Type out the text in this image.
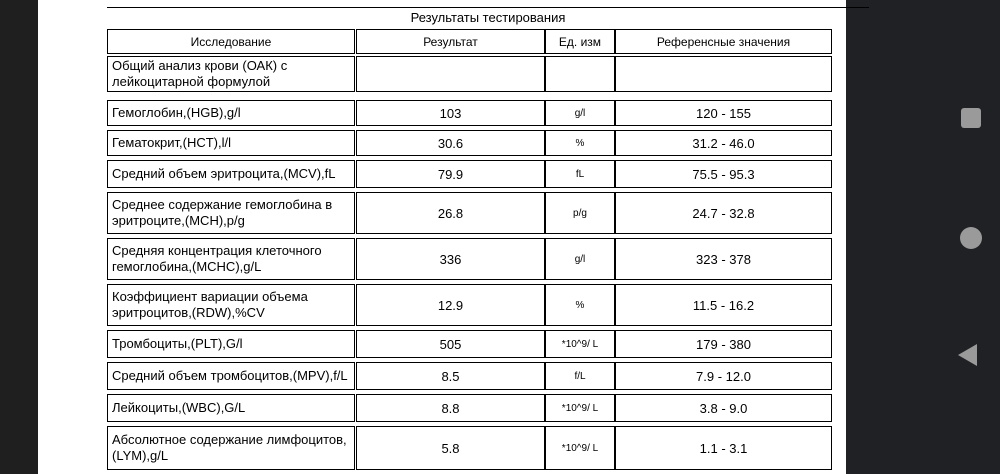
Результаты тестирования
Исследование	Результат	Ед. изм	Референсные значения
Общий анализ крови (ОАК) с лейкоцитарной формулой
Гемоглобин,(HGB),g/l	103	g/l	120 - 155
Гематокрит,(HCT),l/l	30.6	%	31.2 - 46.0
Средний объем эритроцита,(MCV),fL	79.9	fL	75.5 - 95.3
Среднее содержание гемоглобина в эритроците,(MCH),p/g	26.8	p/g	24.7 - 32.8
Средняя концентрация клеточного гемоглобина,(MCHC),g/L	336	g/l	323 - 378
Коэффициент вариации объема эритроцитов,(RDW),%CV	12.9	%	11.5 - 16.2
Тромбоциты,(PLT),G/l	505	*10^9/ L	179 - 380
Средний объем тромбоцитов,(MPV),f/L	8.5	f/L	7.9 - 12.0
Лейкоциты,(WBC),G/L	8.8	*10^9/ L	3.8 - 9.0
Абсолютное содержание лимфоцитов, (LYM),g/L	5.8	*10^9/ L	1.1 - 3.1
